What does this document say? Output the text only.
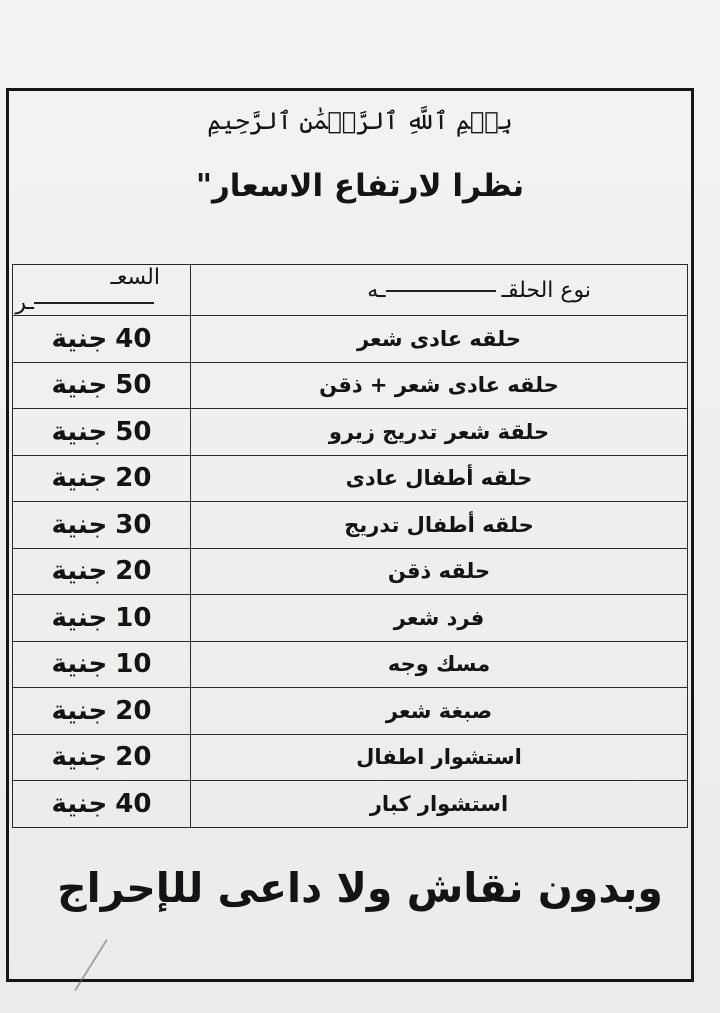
بِسۡمِ ٱللَّهِ ٱلرَّحۡمَٰنِ ٱلرَّحِيمِ
نظرا لارتفاع الاسعار"
نوع الحلقــه	السعــر
حلقه عادى شعر	40جنية
حلقه عادى شعر + ذقن	50جنية
حلقة شعر تدريج زيرو	50جنية
حلقه أطفال عادى	20جنية
حلقه أطفال تدريج	30جنية
حلقه ذقن	20جنية
فرد شعر	10جنية
مسك وجه	10جنية
صبغة شعر	20جنية
استشوار اطفال	20جنية
استشوار كبار	40جنية
وبدون نقاش ولا داعى للإحراج
